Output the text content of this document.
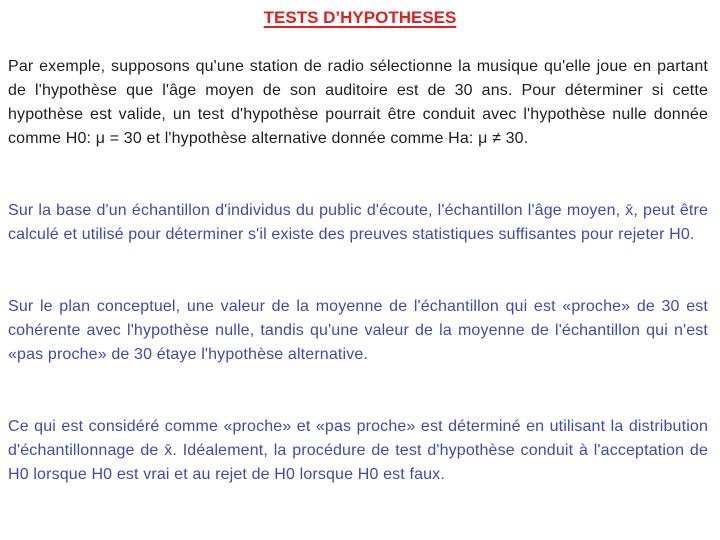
TESTS D’HYPOTHESES

Par exemple, supposons qu'une station de radio sélectionne la musique qu'elle joue en partant de l'hypothèse que l'âge moyen de son auditoire est de 30 ans. Pour déterminer si cette hypothèse est valide, un test d'hypothèse pourrait être conduit avec l'hypothèse nulle donnée comme H0: μ = 30 et l'hypothèse alternative donnée comme Ha: μ ≠ 30.

Sur la base d'un échantillon d'individus du public d'écoute, l'échantillon l'âge moyen, x̄, peut être calculé et utilisé pour déterminer s'il existe des preuves statistiques suffisantes pour rejeter H0.

Sur le plan conceptuel, une valeur de la moyenne de l'échantillon qui est «proche» de 30 est cohérente avec l'hypothèse nulle, tandis qu'une valeur de la moyenne de l'échantillon qui n'est «pas proche» de 30 étaye l'hypothèse alternative.

Ce qui est considéré comme «proche» et «pas proche» est déterminé en utilisant la distribution d'échantillonnage de x̄. Idéalement, la procédure de test d'hypothèse conduit à l'acceptation de H0 lorsque H0 est vrai et au rejet de H0 lorsque H0 est faux.
